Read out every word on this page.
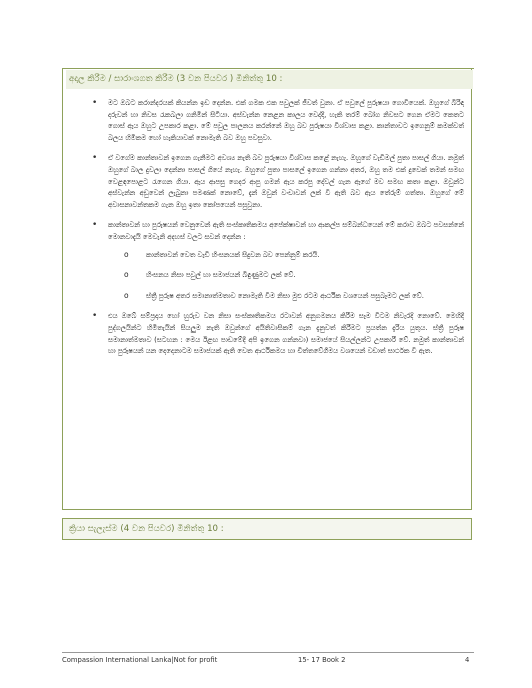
අදාල කිරීම / සාරාංශගත කිරීම (3 වන පියවර ) මිනිත්තු 10 :
• මට ඔබට කරාන්දරයක් කියන්න ඉඩ දෙන්න. එක් ගමක එක පවුලක් ජීවත් වුනා. ඒ පවුලේ පුරුෂයා ගොවියෙක්. ඔහුගේ බිරිඳ දරුවන් හා නිවස රැකබලා ගනිමින් සිටියා. අස්වැන්න නෙළන කාලය වෙද්දී, හැකි තරම් බෝග නිවසට ගෙන ඒමට කෙතට ගොස් ඇය ඔහුට උපකාර කළා. මේ පවුල පාලනය කරන්නේ ඔහු බව පුරුෂයා විශ්වාස කළා. කාන්තාවට ඉගෙනුම් කමක්වත් බලය හිමිකම හෝ හැකියාවක් නොමැති බව ඔහු පවසුවා.
• ඒ වගේම කාන්තාවන් ඉගෙන ගැනීමට අවශ්‍ය නැති බව පුරුෂයා විශ්වාස කළේ නැහැ. ඔහුගේ වැඩිමල් පුතා පාසල් ගියා. නමුත් ඔහුගේ බාල දුවලා දෙන්නා පාසල් ගියේ නැහැ. ඔහුගේ පුතා පාසලේ ඉගෙන ගන්නා අතර, ඔහු තම එක් දුවෙක් තමන් සමඟ වෙළඳපොළට රැගෙන ගියා. ඇය ආපසු ගෙදර ආපු ගමන් ඇය කරපු දේවල් ගැන ඇගේ මව සමඟ කතා කළා. ඔවුන්ට අස්වැන්න අඩුවෙන් ලැබුනා පමණක් නොවේ, දැන් ඔවුන් වංචාවන් ලක් වී ඇති බව ඇය තේරුම් ගත්තා. ඔහුගේ මේ අවාසනාවන්තකම ගැන ඔහු ඉතා කෝපයෙන් පසුවුනා.
• කාන්තාවන් හා පුරුෂයන් වෙනුවෙන් ඇති සංස්කෘතිකමය අපේක්ෂාවන් හා ආකල්ප සම්බන්ධයෙන් මේ කරාව ඔබට පවසන්නේ මොනවාදැයි මෙවැනි අදහස් වලට සවන් දෙන්න :
o කාන්තාවන් වෙත වැඩි හිංසනයක් සිදුවන බව පෙන්නුම් කරයි.
o හිංසනය නිසා පවුල් හා සමාජයන් බිඳුණුමට ලක් වේ.
o ස්ත්‍රී පුරුෂ අතර සමානාත්මතාව නොමැති වීම නිසා මුළු රටම ආර්ථික වශයෙන් පසුබෑමට ලක් වේ.
• එය ඔබේ සම්ප්‍රදාය හෝ හුරුව වන නිසා සංස්කෘතිකමය රටාවන් අනුගමනය කිරීම සෑම විටම නිවැරදි නොවේ. මෙහිදී පුද්ගලයින්ට හිමිතැයින් සියලුම නැති ඔවුන්ගේ අයිතිවාසිකම් ගැන දැනුවත් කිරීමට ප්‍රයත්න දැරිය යුතුය. ස්ත්‍රී පුරුෂ සමානාත්මතාව (සටහන : මෙය ඊළඟ පාඩමේදී අපි ඉගෙන ගන්නවා) සමාජයේ සියල්ලන්ට උපකාරී වේ. නමුත් කාන්තාවන් හා පුරුෂයන් යන දෙදෙනාටම සමාජයක් ඇති වෙත ආර්ථිකමය හා චිත්තවේගීමය වශයෙන් වඩාත් සාර්ථක වී ඇත.
ක්‍රියා සැලැස්ම (4 වන පියවර) මිනිත්තු 10 :
Compassion International Lanka|Not for profit	15- 17 Book 2	4
